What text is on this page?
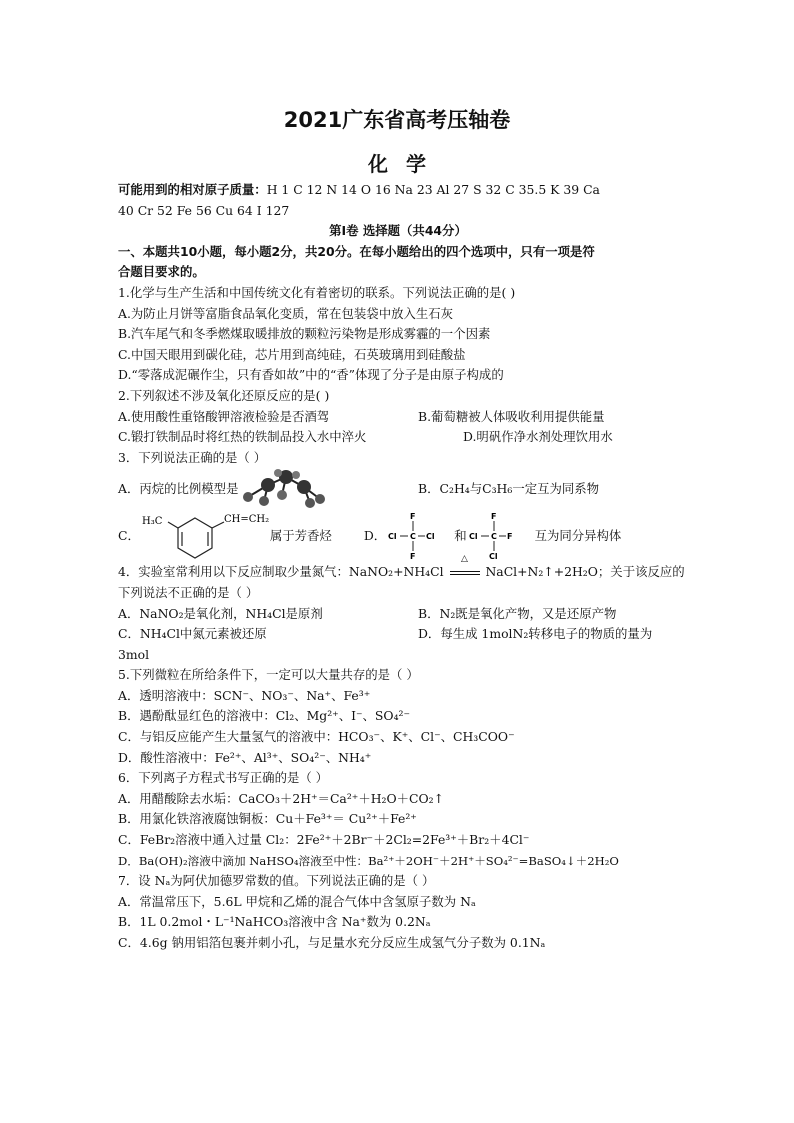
2021广东省高考压轴卷
化学
可能用到的相对原子质量：H 1 C 12 N 14 O 16 Na 23 Al 27 S 32 C 35.5 K 39 Ca
40 Cr 52 Fe 56 Cu 64 I 127
第Ⅰ卷 选择题（共44分）
一、本题共10小题，每小题2分，共20分。在每小题给出的四个选项中，只有一项是符
合题目要求的。
1.化学与生产生活和中国传统文化有着密切的联系。下列说法正确的是( )
A.为防止月饼等富脂食品氧化变质，常在包装袋中放入生石灰
B.汽车尾气和冬季燃煤取暖排放的颗粒污染物是形成雾霾的一个因素
C.中国天眼用到碳化硅，芯片用到高纯硅，石英玻璃用到硅酸盐
D.“零落成泥碾作尘，只有香如故”中的“香”体现了分子是由原子构成的
2.下列叙述不涉及氧化还原反应的是( )
A.使用酸性重铬酸钾溶液检验是否酒驾	B.葡萄糖被人体吸收利用提供能量
C.锻打铁制品时将红热的铁制品投入水中淬火	D.明矾作净水剂处理饮用水
3．下列说法正确的是（ ）
A．丙烷的比例模型是	B．C₂H₄与C₃H₆一定互为同系物
C．
H₃C	CH=CH₂
属于芳香烃	D．
F
Cl C Cl
F
和
F
Cl C F
Cl
互为同分异构体
4．实验室常利用以下反应制取少量氮气：NaNO₂+NH₄Cl
△
NaCl+N₂↑+2H₂O；关于该反应的
下列说法不正确的是（ ）
A．NaNO₂是氧化剂，NH₄Cl是原剂	B．N₂既是氧化产物，又是还原产物
C．NH₄Cl中氮元素被还原	D．每生成 1molN₂转移电子的物质的量为
3mol
5.下列微粒在所给条件下，一定可以大量共存的是（ ）
A．透明溶液中：SCN⁻、NO₃⁻、Na⁺、Fe³⁺
B．遇酚酞显红色的溶液中：Cl₂、Mg²⁺、I⁻、SO₄²⁻
C．与铝反应能产生大量氢气的溶液中：HCO₃⁻、K⁺、Cl⁻、CH₃COO⁻
D．酸性溶液中：Fe²⁺、Al³⁺、SO₄²⁻、NH₄⁺
6．下列离子方程式书写正确的是（ ）
A．用醋酸除去水垢：CaCO₃＋2H⁺＝Ca²⁺＋H₂O＋CO₂↑
B．用氯化铁溶液腐蚀铜板：Cu＋Fe³⁺＝ Cu²⁺＋Fe²⁺
C．FeBr₂溶液中通入过量 Cl₂：2Fe²⁺＋2Br⁻＋2Cl₂=2Fe³⁺＋Br₂＋4Cl⁻
D．Ba(OH)₂溶液中滴加 NaHSO₄溶液至中性：Ba²⁺＋2OH⁻＋2H⁺＋SO₄²⁻=BaSO₄↓＋2H₂O
7．设 Nₐ为阿伏加德罗常数的值。下列说法正确的是（ ）
A．常温常压下，5.6L 甲烷和乙烯的混合气体中含氢原子数为 Nₐ
B．1L 0.2mol・L⁻¹NaHCO₃溶液中含 Na⁺数为 0.2Nₐ
C．4.6g 钠用铝箔包裹并刺小孔，与足量水充分反应生成氢气分子数为 0.1Nₐ
